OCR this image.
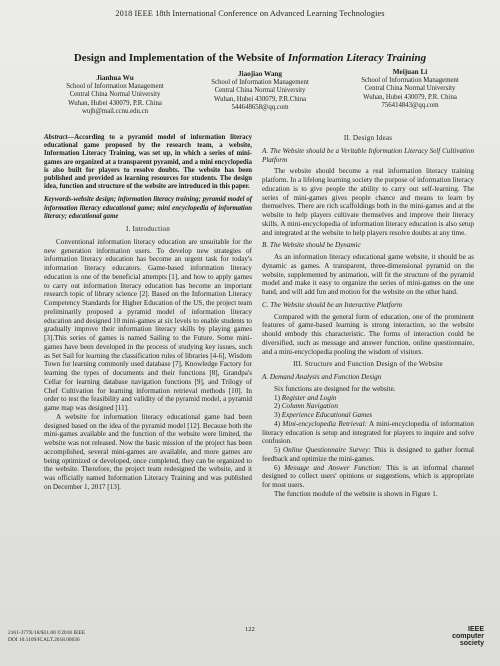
2018 IEEE 18th International Conference on Advanced Learning Technologies
Design and Implementation of the Website of Information Literacy Training
Jianhua Wu
School of Information Management
Central China Normal University
Wuhan, Hubei 430079, P.R. China
wujh@mail.ccnu.edu.cn
Jiaojiao Wang
School of Information Management
Central China Normal University
Wuhan, Hubei 430079, P.R.China
544648658@qq.com
Meijuan Li
School of Information Management
Central China Normal University
Wuhan, Hubei 430079, P.R. China
756414843@qq.com

Abstract—According to a pyramid model of information literacy educational game proposed by the research team, a website, Information Literacy Training, was set up, in which a series of mini-games are organized at a transparent pyramid, and a mini encyclopedia is also built for players to resolve doubts. The website has been published and provided as learning resources for students. The design idea, function and structure of the website are introduced in this paper.

Keywords-website design; information literacy training; pyramid model of information literacy educational game; mini encyclopedia of information literacy; educational game

I. Introduction

Conventional information literacy education are unsuitable for the new generation information users. To develop new strategies of information literacy education has become an urgent task for today's information literacy educators. Game-based information literacy education is one of the beneficial attempts [1], and how to apply games to carry out information literacy education has become an important research topic of library science [2]. Based on the Information Literacy Competency Standards for Higher Education of the US, the project team preliminarily proposed a pyramid model of information literacy education and designed 10 mini-games at six levels to enable students to gradually improve their information literacy skills by playing games [3].This series of games is named Sailing to the Future. Some mini-games have been developed in the process of studying key issues, such as Set Sail for learning the classification rules of libraries [4-6], Wisdom Town for learning commonly used database [7], Knowledge Factory for learning the types of documents and their functions [8], Grandpa's Cellar for learning database navigation functions [9], and Trilogy of Chef Cultivation for learning information retrieval methods [10]. In order to test the feasibility and validity of the pyramid model, a pyramid game map was designed [11].

A website for information literacy educational game had been designed based on the idea of the pyramid model [12]. Because both the mini-games available and the function of the website were limited, the website was not released. Now the basic mission of the project has been accomplished, several mini-games are available, and more games are being optimized or developed, once completed, they can be organized to the website. Therefore, the project team redesigned the website, and it was officially named Information Literacy Training and was published on December 1, 2017 [13].

II. Design Ideas

A. The Website should be a Veritable Information Literacy Self Cultivation Platform

The website should become a real information literacy training platform. In a lifelong learning society the purpose of information literacy education is to give people the ability to carry out self-learning. The series of mini-games gives people chance and means to learn by themselves. There are rich scaffoldings both in the mini-games and at the website to help players cultivate themselves and improve their literacy skills. A mini-encyclopedia of information literacy education is also setup and integrated at the website to help players resolve doubts at any time.

B. The Website should be Dynamic

As an information literacy educational game website, it should be as dynamic as games. A transparent, three-dimensional pyramid on the website, supplemented by animation, will fit the structure of the pyramid model and make it easy to organize the series of mini-games on the one hand, and will add fun and motion for the website on the other hand.

C. The Website should be an Interactive Platform

Compared with the general form of education, one of the prominent features of game-based learning is strong interaction, so the website should embody this characteristic. The forms of interaction could be diversified, such as message and answer function, online questionnaire, and a mini-encyclopedia pooling the wisdom of visitors.

III. Structure and Function Design of the Website

A. Demand Analysis and Function Design

Six functions are designed for the website.

1) Register and Login

2) Column Navigation

3) Experience Educational Games

4) Mini-encyclopedia Retrieval: A mini-encyclopedia of information literacy education is setup and integrated for players to inquire and solve confusion.

5) Online Questionnaire Survey: This is designed to gather formal feedback and optimize the mini-games.

6) Message and Answer Function: This is an informal channel designed to collect users' opinions or suggestions, which is appropriate for most users.

The function module of the website is shown in Figure 1.

2161-377X/18/$31.00 ©2018 IEEE
DOI 10.1109/ICALT.2018.00036
122	IEEE
computer
society
